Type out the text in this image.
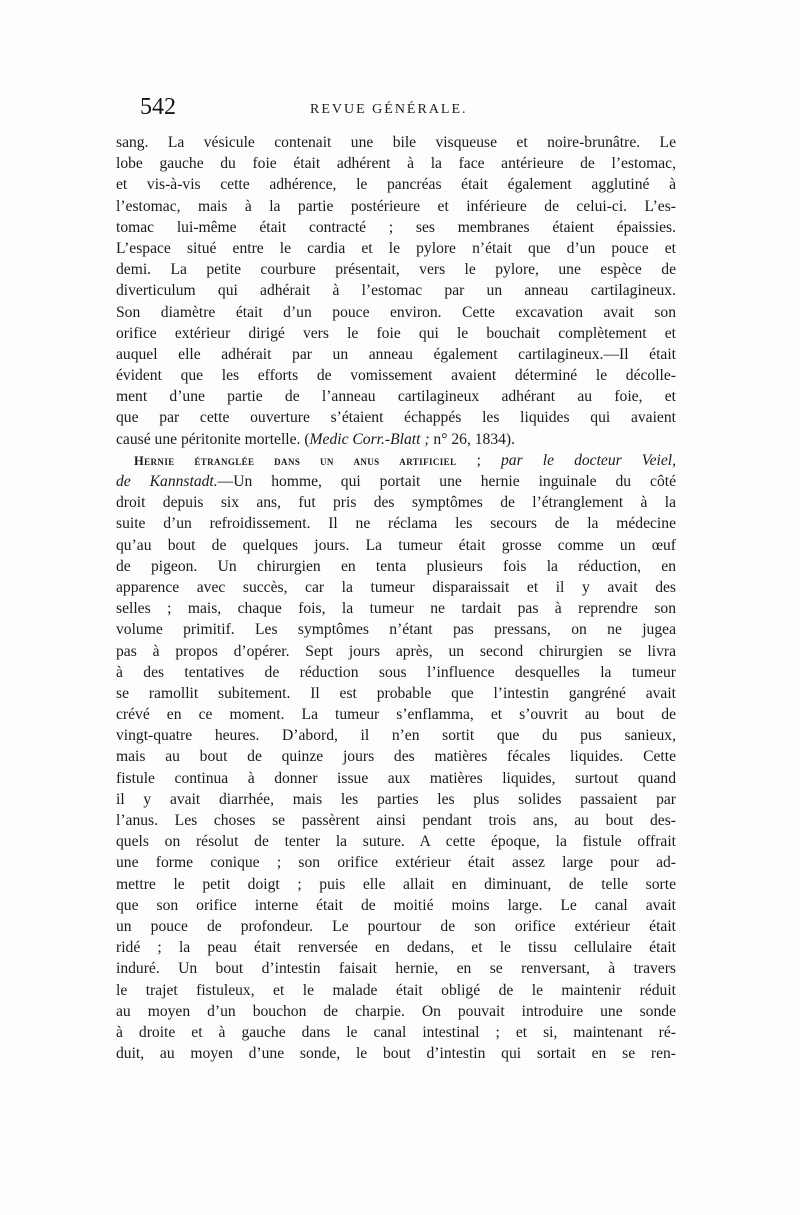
542	REVUE GÉNÉRALE.
sang. La vésicule contenait une bile visqueuse et noire-brunâtre. Le
lobe gauche du foie était adhérent à la face antérieure de l’estomac,
et vis-à-vis cette adhérence, le pancréas était également agglutiné à
l’estomac, mais à la partie postérieure et inférieure de celui-ci. L’es-
tomac lui-même était contracté ; ses membranes étaient épaissies.
L’espace situé entre le cardia et le pylore n’était que d’un pouce et
demi. La petite courbure présentait, vers le pylore, une espèce de
diverticulum qui adhérait à l’estomac par un anneau cartilagineux.
Son diamètre était d’un pouce environ. Cette excavation avait son
orifice extérieur dirigé vers le foie qui le bouchait complètement et
auquel elle adhérait par un anneau également cartilagineux.—Il était
évident que les efforts de vomissement avaient déterminé le décolle-
ment d’une partie de l’anneau cartilagineux adhérant au foie, et
que par cette ouverture s’étaient échappés les liquides qui avaient
causé une péritonite mortelle. (Medic Corr.-Blatt ; n° 26, 1834).
Hernie étranglée dans un anus artificiel ; par le docteur Veiel,
de Kannstadt.—Un homme, qui portait une hernie inguinale du côté
droit depuis six ans, fut pris des symptômes de l’étranglement à la
suite d’un refroidissement. Il ne réclama les secours de la médecine
qu’au bout de quelques jours. La tumeur était grosse comme un œuf
de pigeon. Un chirurgien en tenta plusieurs fois la réduction, en
apparence avec succès, car la tumeur disparaissait et il y avait des
selles ; mais, chaque fois, la tumeur ne tardait pas à reprendre son
volume primitif. Les symptômes n’étant pas pressans, on ne jugea
pas à propos d’opérer. Sept jours après, un second chirurgien se livra
à des tentatives de réduction sous l’influence desquelles la tumeur
se ramollit subitement. Il est probable que l’intestin gangréné avait
crévé en ce moment. La tumeur s’enflamma, et s’ouvrit au bout de
vingt-quatre heures. D’abord, il n’en sortit que du pus sanieux,
mais au bout de quinze jours des matières fécales liquides. Cette
fistule continua à donner issue aux matières liquides, surtout quand
il y avait diarrhée, mais les parties les plus solides passaient par
l’anus. Les choses se passèrent ainsi pendant trois ans, au bout des-
quels on résolut de tenter la suture. A cette époque, la fistule offrait
une forme conique ; son orifice extérieur était assez large pour ad-
mettre le petit doigt ; puis elle allait en diminuant, de telle sorte
que son orifice interne était de moitié moins large. Le canal avait
un pouce de profondeur. Le pourtour de son orifice extérieur était
ridé ; la peau était renversée en dedans, et le tissu cellulaire était
induré. Un bout d’intestin faisait hernie, en se renversant, à travers
le trajet fistuleux, et le malade était obligé de le maintenir réduit
au moyen d’un bouchon de charpie. On pouvait introduire une sonde
à droite et à gauche dans le canal intestinal ; et si, maintenant ré-
duit, au moyen d’une sonde, le bout d’intestin qui sortait en se ren-
